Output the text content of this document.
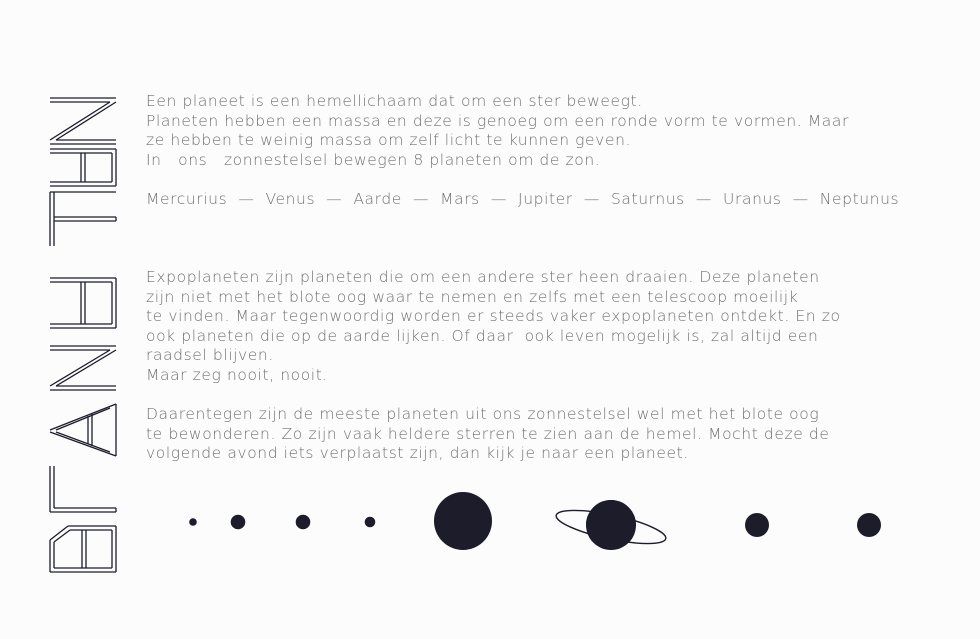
Een planeet is een hemellichaam dat om een ster beweegt.

Planeten hebben een massa en deze is genoeg om een ronde vorm te vormen. Maar

ze hebben te weinig massa om zelf licht te kunnen geven.

In   ons   zonnestelsel bewegen 8 planeten om de zon.

Mercurius  —  Venus  —  Aarde  —  Mars  —  Jupiter  —  Saturnus  —  Uranus  —  Neptunus

Expoplaneten zijn planeten die om een andere ster heen draaien. Deze planeten

zijn niet met het blote oog waar te nemen en zelfs met een telescoop moeilijk

te vinden. Maar tegenwoordig worden er steeds vaker expoplaneten ontdekt. En zo

ook planeten die op de aarde lijken. Of daar  ook leven mogelijk is, zal altijd een

raadsel blijven.

Maar zeg nooit, nooit.

Daarentegen zijn de meeste planeten uit ons zonnestelsel wel met het blote oog

te bewonderen. Zo zijn vaak heldere sterren te zien aan de hemel. Mocht deze de

volgende avond iets verplaatst zijn, dan kijk je naar een planeet.
